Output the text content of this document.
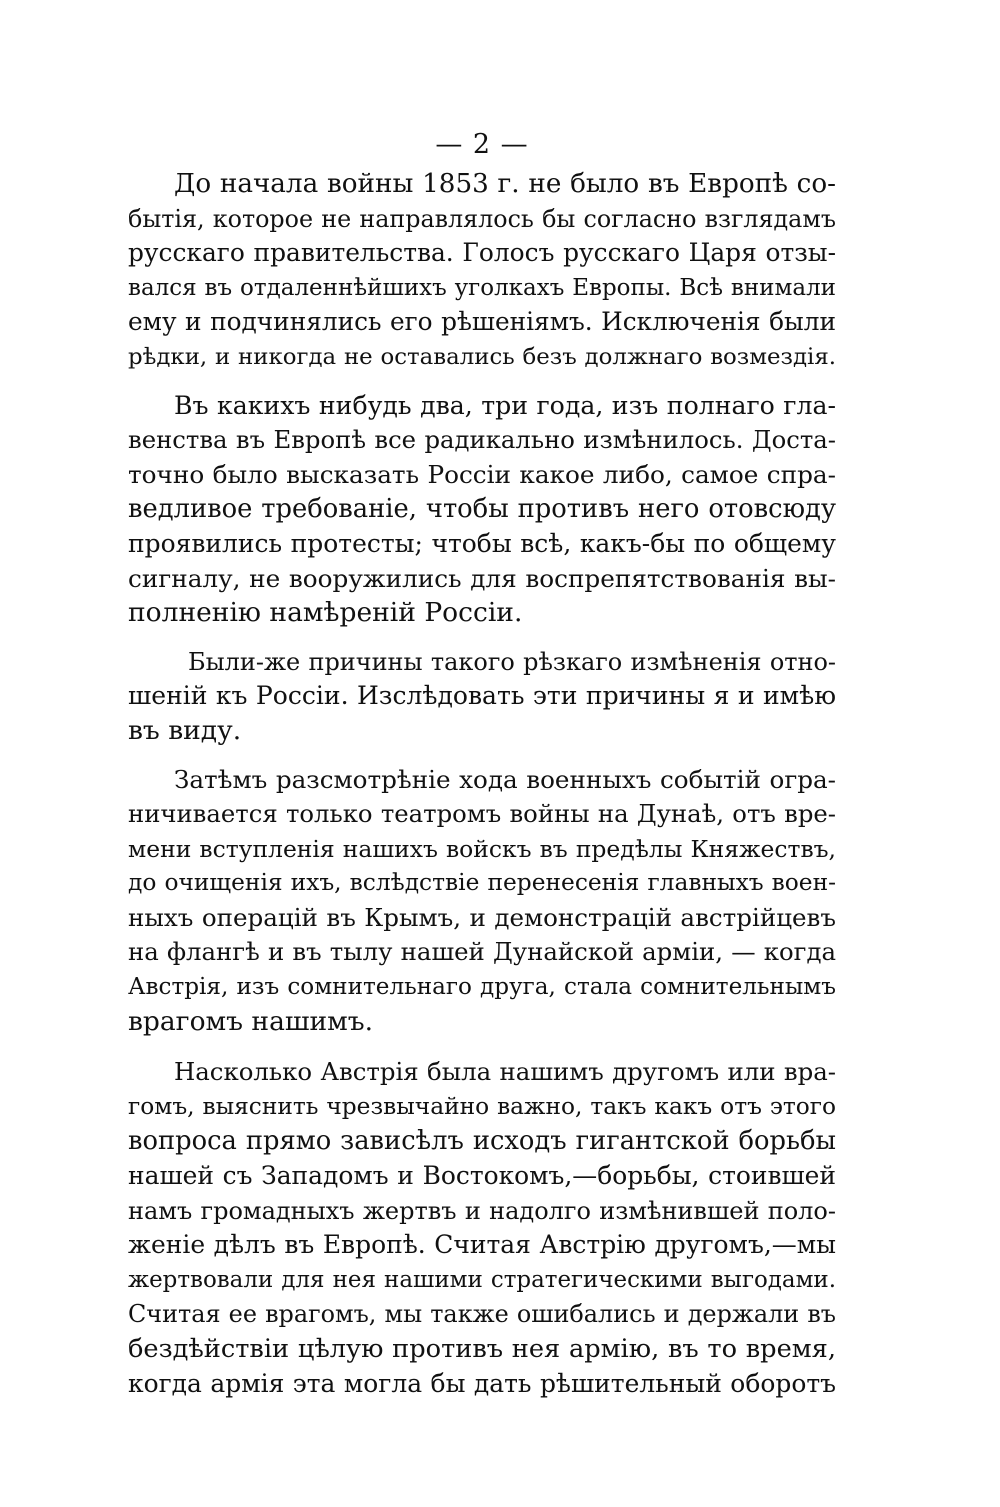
— 2 —
До начала войны 1853 г. не было въ Европѣ со-
бытія, которое не направлялось бы согласно взглядамъ
русскаго правительства. Голосъ русскаго Царя отзы-
вался въ отдаленнѣйшихъ уголкахъ Европы. Всѣ внимали
ему и подчинялись его рѣшеніямъ. Исключенія были
рѣдки, и никогда не оставались безъ должнаго возмездія.
Въ какихъ нибудь два, три года, изъ полнаго гла-
венства въ Европѣ все радикально измѣнилось. Доста-
точно было высказать Россіи какое либо, самое спра-
ведливое требованіе, чтобы противъ него отовсюду
проявились протесты; чтобы всѣ, какъ-бы по общему
сигналу, не вооружились для воспрепятствованія вы-
полненію намѣреній Россіи.
Были-же причины такого рѣзкаго измѣненія отно-
шеній къ Россіи. Изслѣдовать эти причины я и имѣю
въ виду.
Затѣмъ разсмотрѣніе хода военныхъ событій огра-
ничивается только театромъ войны на Дунаѣ, отъ вре-
мени вступленія нашихъ войскъ въ предѣлы Княжествъ,
до очищенія ихъ, вслѣдствіе перенесенія главныхъ воен-
ныхъ операцій въ Крымъ, и демонстрацій австрійцевъ
на флангѣ и въ тылу нашей Дунайской арміи, — когда
Австрія, изъ сомнительнаго друга, стала сомнительнымъ
врагомъ нашимъ.
Насколько Австрія была нашимъ другомъ или вра-
гомъ, выяснить чрезвычайно важно, такъ какъ отъ этого
вопроса прямо зависѣлъ исходъ гигантской борьбы
нашей съ Западомъ и Востокомъ,—борьбы, стоившей
намъ громадныхъ жертвъ и надолго измѣнившей поло-
женіе дѣлъ въ Европѣ. Считая Австрію другомъ,—мы
жертвовали для нея нашими стратегическими выгодами.
Считая ее врагомъ, мы также ошибались и держали въ
бездѣйствіи цѣлую противъ нея армію, въ то время,
когда армія эта могла бы дать рѣшительный оборотъ
